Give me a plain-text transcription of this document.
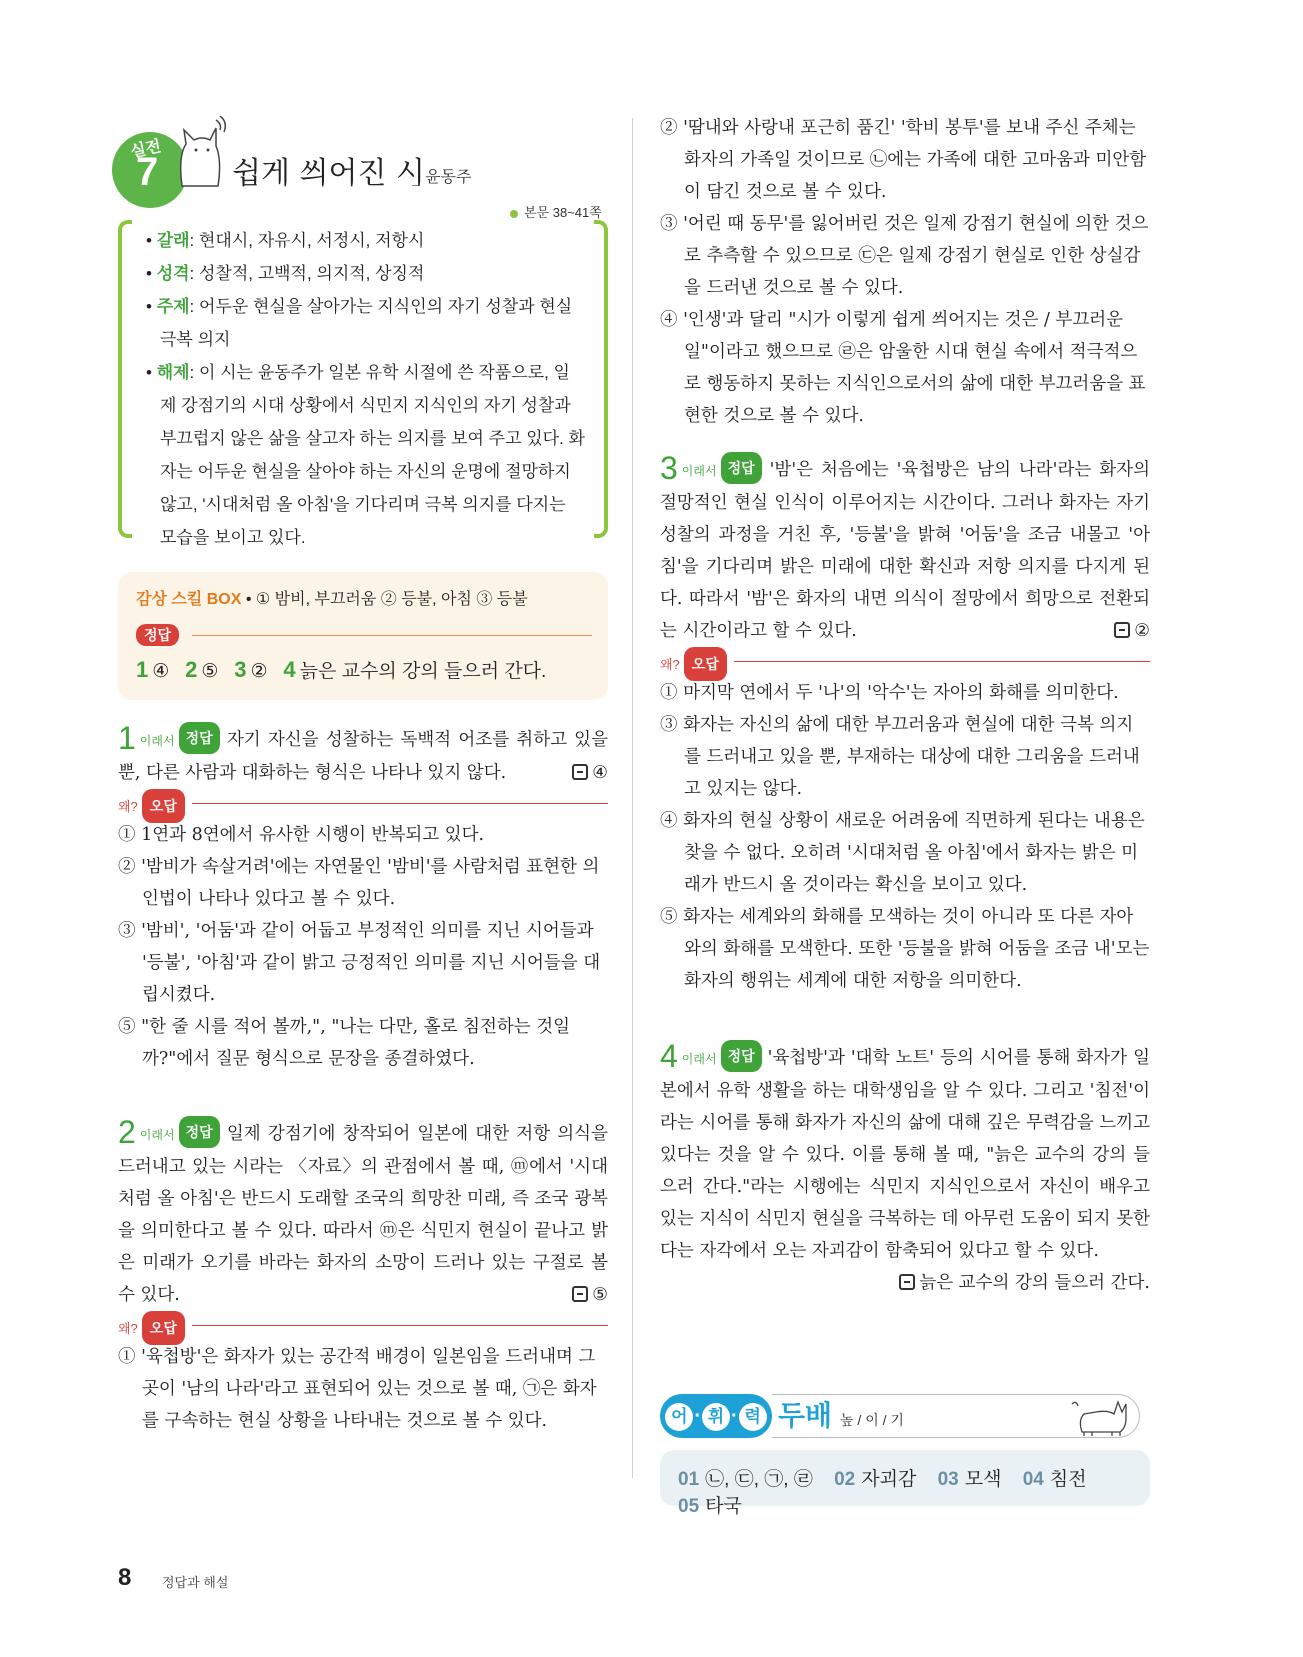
실전
7 쉽게 씌어진 시
_ 윤동주
본문 38~41쪽
• 갈래: 현대시, 자유시, 서정시, 저항시
• 성격: 성찰적, 고백적, 의지적, 상징적
• 주제: 어두운 현실을 살아가는 지식인의 자기 성찰과 현실 극복 의지
• 해제: 이 시는 윤동주가 일본 유학 시절에 쓴 작품으로, 일제 강점기의 시대 상황에서 식민지 지식인의 자기 성찰과 부끄럽지 않은 삶을 살고자 하는 의지를 보여 주고 있다. 화자는 어두운 현실을 살아야 하는 자신의 운명에 절망하지 않고, '시대처럼 올 아침'을 기다리며 극복 의지를 다지는 모습을 보이고 있다.
감상 스킬 BOX • ① 밤비, 부끄러움 ② 등불, 아침 ③ 등불
정답
1 ④ 2 ⑤ 3 ② 4 늙은 교수의 강의 들으러 간다.
1 이래서 정답 자기 자신을 성찰하는 독백적 어조를 취하고 있을 뿐, 다른 사람과 대화하는 형식은 나타나 있지 않다.	④
왜? 오답
① 1연과 8연에서 유사한 시행이 반복되고 있다.
② '밤비가 속살거려'에는 자연물인 '밤비'를 사람처럼 표현한 의인법이 나타나 있다고 볼 수 있다.
③ '밤비', '어둠'과 같이 어둡고 부정적인 의미를 지닌 시어들과 '등불', '아침'과 같이 밝고 긍정적인 의미를 지닌 시어들을 대립시켰다.
⑤ "한 줄 시를 적어 볼까,", "나는 다만, 홀로 침전하는 것일까?"에서 질문 형식으로 문장을 종결하였다.
2 이래서 정답 일제 강점기에 창작되어 일본에 대한 저항 의식을 드러내고 있는 시라는 〈자료〉의 관점에서 볼 때, ⓜ에서 '시대처럼 올 아침'은 반드시 도래할 조국의 희망찬 미래, 즉 조국 광복을 의미한다고 볼 수 있다. 따라서 ⓜ은 식민지 현실이 끝나고 밝은 미래가 오기를 바라는 화자의 소망이 드러나 있는 구절로 볼 수 있다.	⑤
왜? 오답
① '육첩방'은 화자가 있는 공간적 배경이 일본임을 드러내며 그곳이 '남의 나라'라고 표현되어 있는 것으로 볼 때, ㉠은 화자를 구속하는 현실 상황을 나타내는 것으로 볼 수 있다.
② '땀내와 사랑내 포근히 품긴' '학비 봉투'를 보내 주신 주체는 화자의 가족일 것이므로 ㉡에는 가족에 대한 고마움과 미안함이 담긴 것으로 볼 수 있다.
③ '어린 때 동무'를 잃어버린 것은 일제 강점기 현실에 의한 것으로 추측할 수 있으므로 ㉢은 일제 강점기 현실로 인한 상실감을 드러낸 것으로 볼 수 있다.
④ '인생'과 달리 "시가 이렇게 쉽게 씌어지는 것은 / 부끄러운 일"이라고 했으므로 ㉣은 암울한 시대 현실 속에서 적극적으로 행동하지 못하는 지식인으로서의 삶에 대한 부끄러움을 표현한 것으로 볼 수 있다.
3 이래서 정답 '밤'은 처음에는 '육첩방은 남의 나라'라는 화자의 절망적인 현실 인식이 이루어지는 시간이다. 그러나 화자는 자기 성찰의 과정을 거친 후, '등불'을 밝혀 '어둠'을 조금 내몰고 '아침'을 기다리며 밝은 미래에 대한 확신과 저항 의지를 다지게 된다. 따라서 '밤'은 화자의 내면 의식이 절망에서 희망으로 전환되는 시간이라고 할 수 있다.	②
왜? 오답
① 마지막 연에서 두 '나'의 '악수'는 자아의 화해를 의미한다.
③ 화자는 자신의 삶에 대한 부끄러움과 현실에 대한 극복 의지를 드러내고 있을 뿐, 부재하는 대상에 대한 그리움을 드러내고 있지는 않다.
④ 화자의 현실 상황이 새로운 어려움에 직면하게 된다는 내용은 찾을 수 없다. 오히려 '시대처럼 올 아침'에서 화자는 밝은 미래가 반드시 올 것이라는 확신을 보이고 있다.
⑤ 화자는 세계와의 화해를 모색하는 것이 아니라 또 다른 자아와의 화해를 모색한다. 또한 '등불을 밝혀 어둠을 조금 내'모는 화자의 행위는 세계에 대한 저항을 의미한다.
4 이래서 정답 '육첩방'과 '대학 노트' 등의 시어를 통해 화자가 일본에서 유학 생활을 하는 대학생임을 알 수 있다. 그리고 '침전'이라는 시어를 통해 화자가 자신의 삶에 대해 깊은 무력감을 느끼고 있다는 것을 알 수 있다. 이를 통해 볼 때, "늙은 교수의 강의 들으러 간다."라는 시행에는 식민지 지식인으로서 자신이 배우고 있는 지식이 식민지 현실을 극복하는 데 아무런 도움이 되지 못한다는 자각에서 오는 자괴감이 함축되어 있다고 할 수 있다.
늙은 교수의 강의 들으러 간다.
어 · 휘 · 력 두배 높 / 이 / 기
01 ㉡, ㉢, ㉠, ㉣ 02 자괴감 03 모색 04 침전 05 타국
8 정답과 해설
